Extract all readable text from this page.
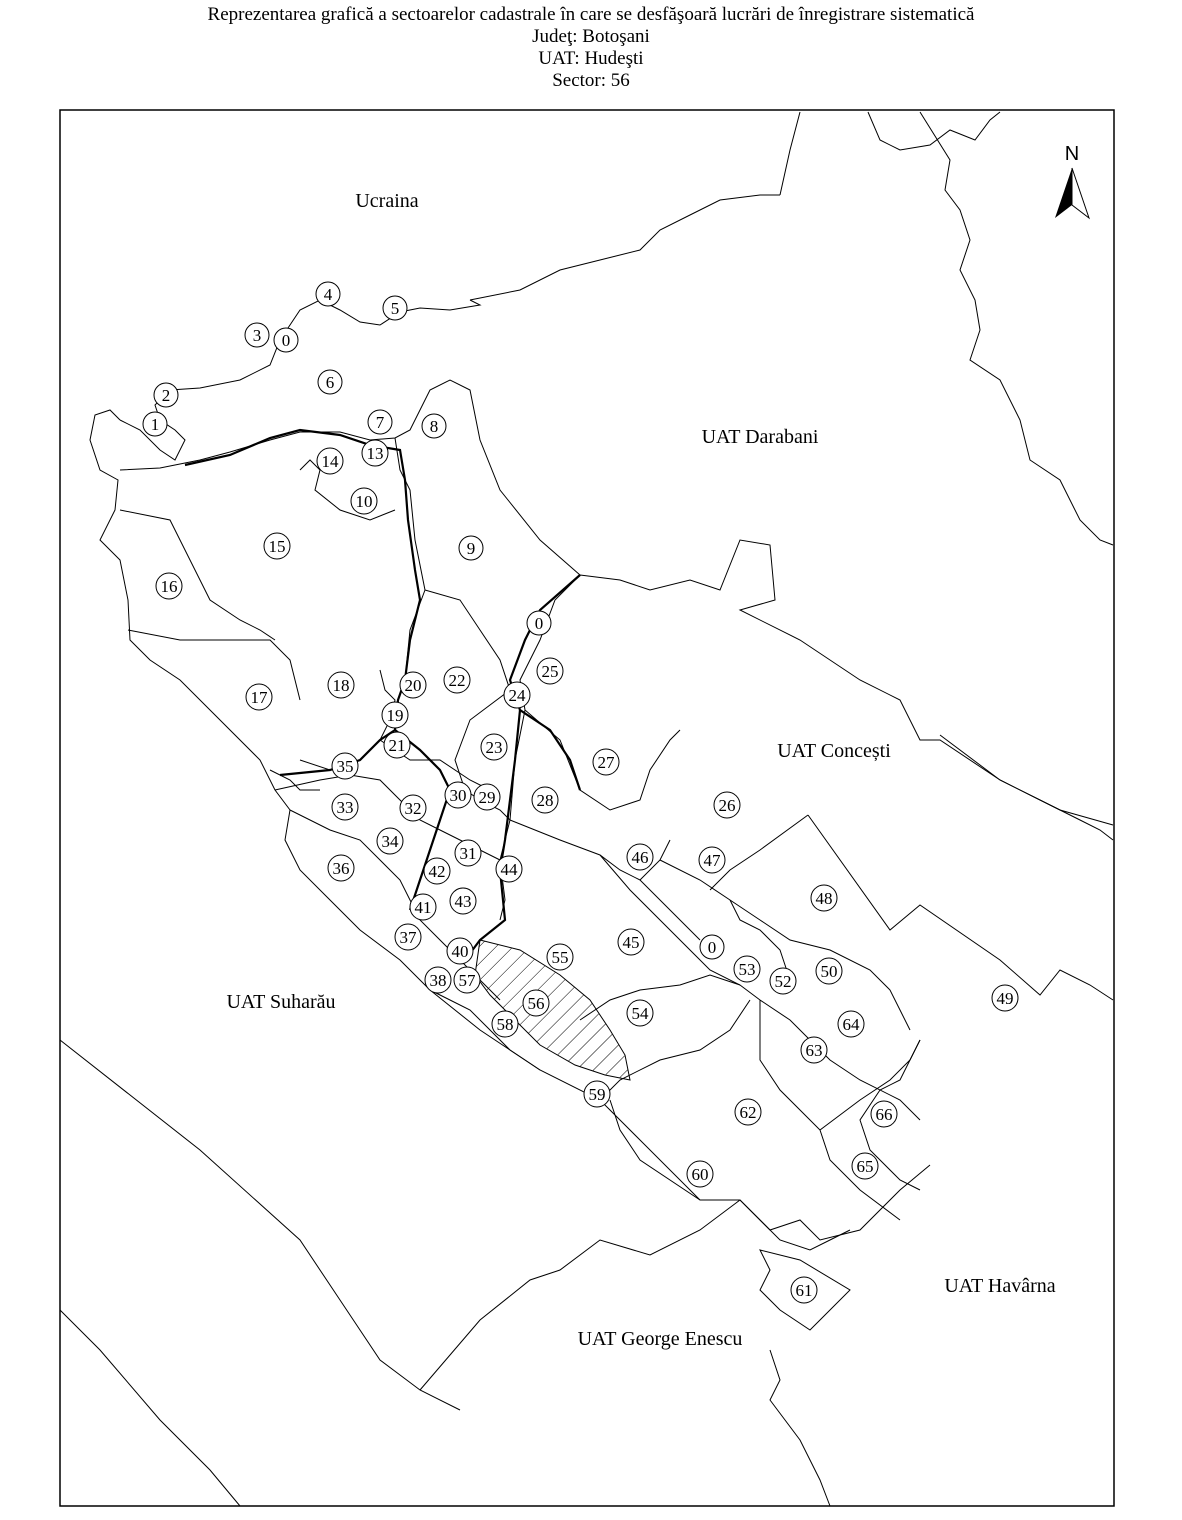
Reprezentarea grafică a sectoarelor cadastrale în care se desfăşoară lucrări de înregistrare sistematică
Judeţ: Botoşani
UAT: Hudeşti
Sector: 56
N
Ucraina
UAT Darabani
UAT Concești
UAT Suharău
UAT Havârna
UAT George Enescu
0
0
0
1
2
3
4
5
6
7	8
9
10
13
14
15
16
17
18
19
20
21
22
23
24
25
26
27
28
29
30
31
32
33
34
35
36
37
38
40
41
42
43
44
45
46	47
48
49
50
52
53
54
55
56
57
58
59
60
61
62
63
64
65
66
